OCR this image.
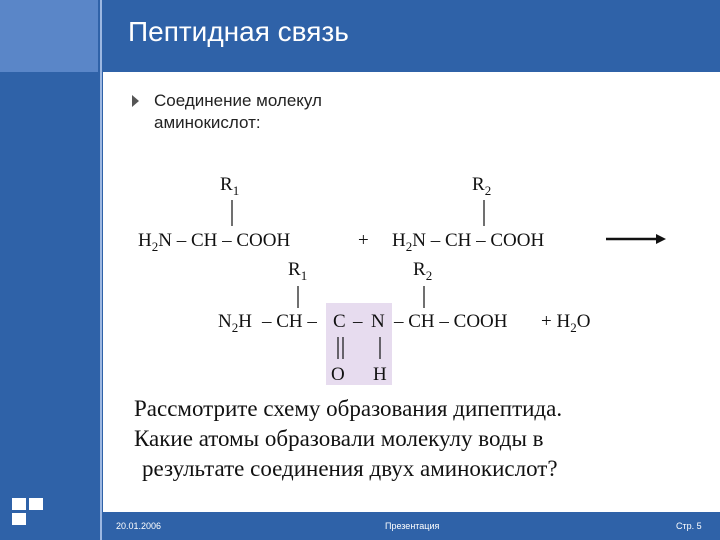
Пептидная связь
Соединение молекул
аминокислот:
$R_1$	$R_2$
$H_2N$ – CH – COOH	+ $H_2N$ – CH – COOH
$R_1$	$R_2$
$N_2H$ – CH – C – N – CH – COOH + $H_2O$
O H
Рассмотрите схему образования дипептида.
Какие атомы образовали молекулу воды в
результате соединения двух аминокислот?
20.01.2006	Презентация	Стр. 5
